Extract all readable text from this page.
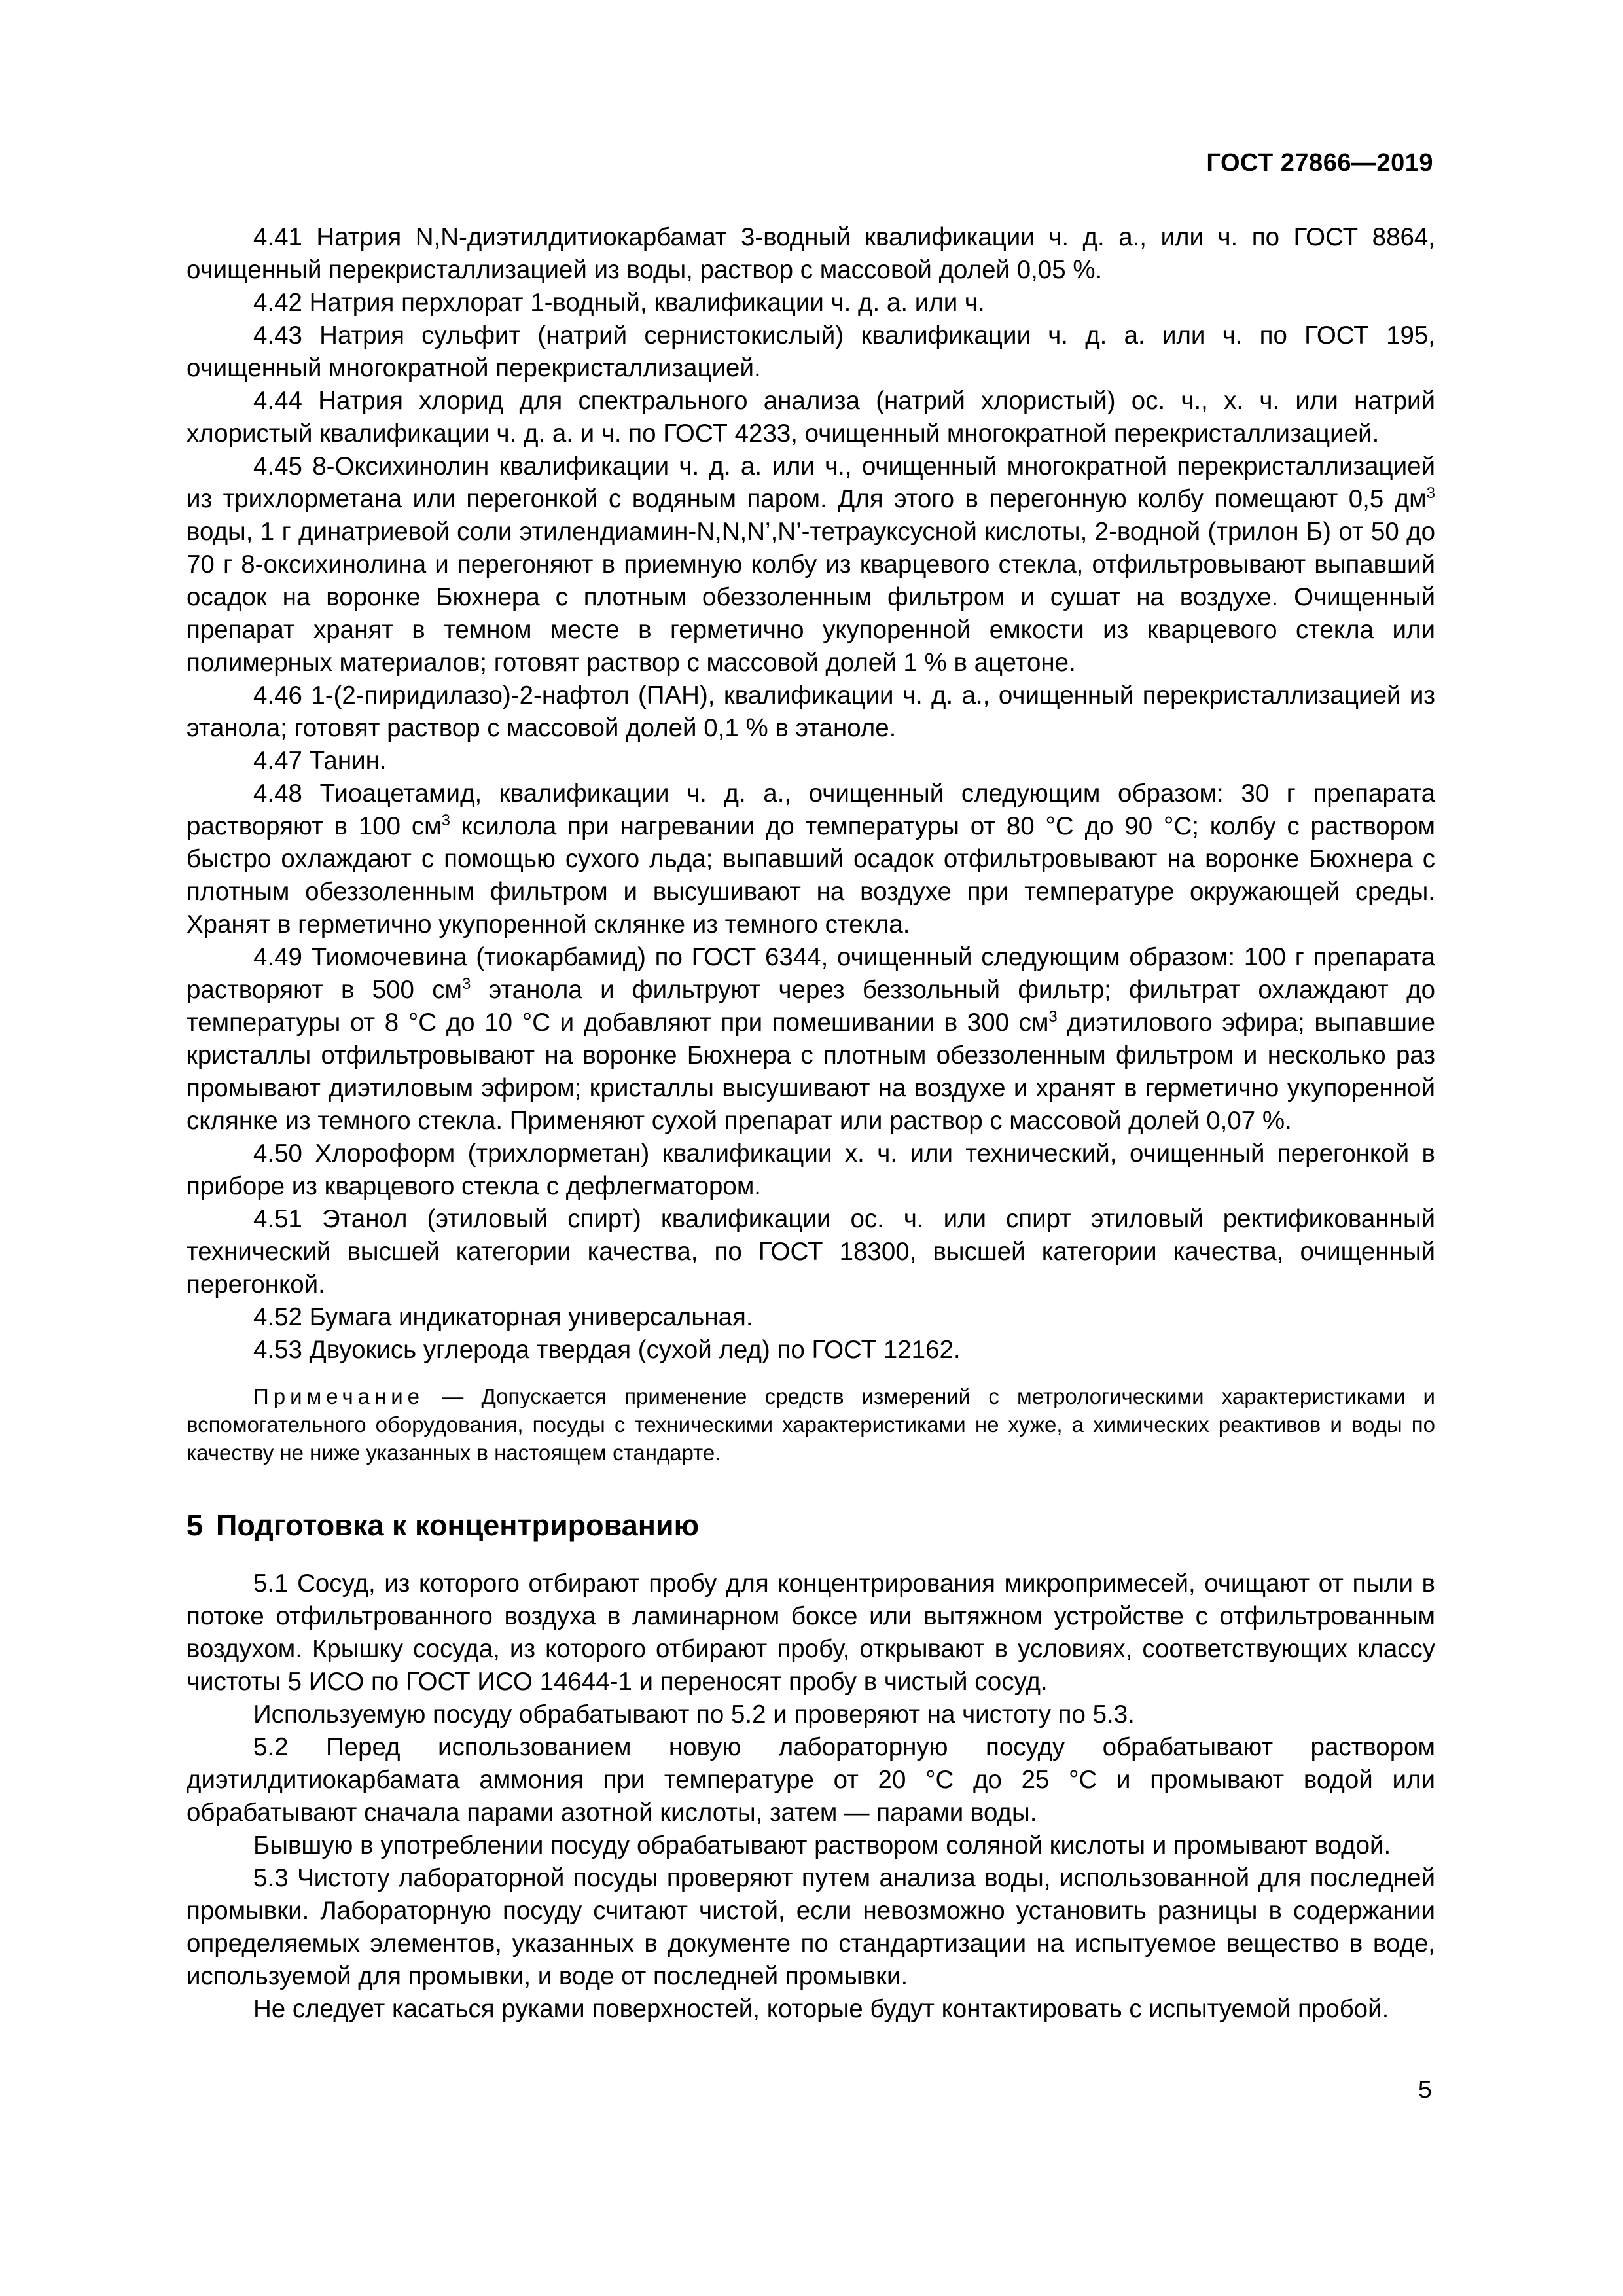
ГОСТ 27866—2019

4.41 Натрия N,N-диэтилдитиокарбамат 3-водный квалификации ч. д. а., или ч. по ГОСТ 8864, очищенный перекристаллизацией из воды, раствор с массовой долей 0,05 %.

4.42 Натрия перхлорат 1-водный, квалификации ч. д. а. или ч.

4.43 Натрия сульфит (натрий сернистокислый) квалификации ч. д. а. или ч. по ГОСТ 195, очищенный многократной перекристаллизацией.

4.44 Натрия хлорид для спектрального анализа (натрий хлористый) ос. ч., х. ч. или натрий хлористый квалификации ч. д. а. и ч. по ГОСТ 4233, очищенный многократной перекристаллизацией.

4.45 8-Оксихинолин квалификации ч. д. а. или ч., очищенный многократной перекристаллизацией из трихлорметана или перегонкой с водяным паром. Для этого в перегонную колбу помещают 0,5 $дм^3$ воды, 1 г динатриевой соли этилендиамин-N,N,N’,N’-тетрауксусной кислоты, 2-водной (трилон Б) от 50 до 70 г 8-оксихинолина и перегоняют в приемную колбу из кварцевого стекла, отфильтровывают выпавший осадок на воронке Бюхнера с плотным обеззоленным фильтром и сушат на воздухе. Очищенный препарат хранят в темном месте в герметично укупоренной емкости из кварцевого стекла или полимерных материалов; готовят раствор с массовой долей 1 % в ацетоне.

4.46 1-(2-пиридилазо)-2-нафтол (ПАН), квалификации ч. д. а., очищенный перекристаллизацией из этанола; готовят раствор с массовой долей 0,1 % в этаноле.

4.47 Танин.

4.48 Тиоацетамид, квалификации ч. д. а., очищенный следующим образом: 30 г препарата растворяют в 100 $см^3$ ксилола при нагревании до температуры от 80 °С до 90 °С; колбу с раствором быстро охлаждают с помощью сухого льда; выпавший осадок отфильтровывают на воронке Бюхнера с плотным обеззоленным фильтром и высушивают на воздухе при температуре окружающей среды. Хранят в герметично укупоренной склянке из темного стекла.

4.49 Тиомочевина (тиокарбамид) по ГОСТ 6344, очищенный следующим образом: 100 г препарата растворяют в 500 $см^3$ этанола и фильтруют через беззольный фильтр; фильтрат охлаждают до температуры от 8 °С до 10 °С и добавляют при помешивании в 300 $см^3$ диэтилового эфира; выпавшие кристаллы отфильтровывают на воронке Бюхнера с плотным обеззоленным фильтром и несколько раз промывают диэтиловым эфиром; кристаллы высушивают на воздухе и хранят в герметично укупоренной склянке из темного стекла. Применяют сухой препарат или раствор с массовой долей 0,07 %.

4.50 Хлороформ (трихлорметан) квалификации х. ч. или технический, очищенный перегонкой в приборе из кварцевого стекла с дефлегматором.

4.51 Этанол (этиловый спирт) квалификации ос. ч. или спирт этиловый ректификованный технический высшей категории качества, по ГОСТ 18300, высшей категории качества, очищенный перегонкой.

4.52 Бумага индикаторная универсальная.

4.53 Двуокись углерода твердая (сухой лед) по ГОСТ 12162.

Примечание — Допускается применение средств измерений с метрологическими характеристиками и вспомогательного оборудования, посуды с техническими характеристиками не хуже, а химических реактивов и воды по качеству не ниже указанных в настоящем стандарте.

5 Подготовка к концентрированию

5.1 Сосуд, из которого отбирают пробу для концентрирования микропримесей, очищают от пыли в потоке отфильтрованного воздуха в ламинарном боксе или вытяжном устройстве с отфильтрованным воздухом. Крышку сосуда, из которого отбирают пробу, открывают в условиях, соответствующих классу чистоты 5 ИСО по ГОСТ ИСО 14644-1 и переносят пробу в чистый сосуд.

Используемую посуду обрабатывают по 5.2 и проверяют на чистоту по 5.3.

5.2 Перед использованием новую лабораторную посуду обрабатывают раствором диэтилдитиокарбамата аммония при температуре от 20 °С до 25 °С и промывают водой или обрабатывают сначала парами азотной кислоты, затем — парами воды.

Бывшую в употреблении посуду обрабатывают раствором соляной кислоты и промывают водой.

5.3 Чистоту лабораторной посуды проверяют путем анализа воды, использованной для последней промывки. Лабораторную посуду считают чистой, если невозможно установить разницы в содержании определяемых элементов, указанных в документе по стандартизации на испытуемое вещество в воде, используемой для промывки, и воде от последней промывки.

Не следует касаться руками поверхностей, которые будут контактировать с испытуемой пробой.

5
